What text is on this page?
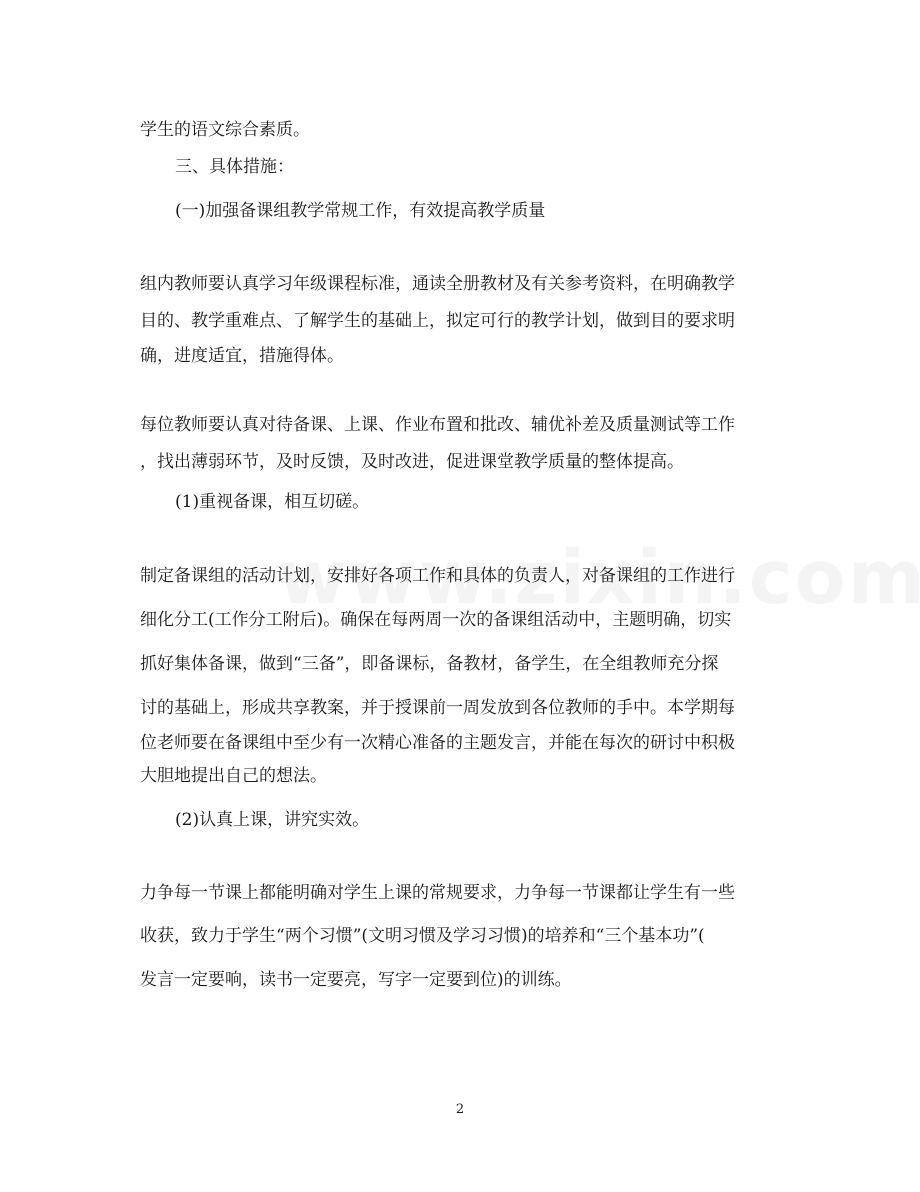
学生的语文综合素质。
三、具体措施：
(一)加强备课组教学常规工作，有效提高教学质量
组内教师要认真学习年级课程标准，通读全册教材及有关参考资料，在明确教学
目的、教学重难点、了解学生的基础上，拟定可行的教学计划，做到目的要求明
确，进度适宜，措施得体。
每位教师要认真对待备课、上课、作业布置和批改、辅优补差及质量测试等工作
，找出薄弱环节，及时反馈，及时改进，促进课堂教学质量的整体提高。
(1)重视备课，相互切磋。
制定备课组的活动计划，安排好各项工作和具体的负责人，对备课组的工作进行
细化分工(工作分工附后)。确保在每两周一次的备课组活动中，主题明确，切实
抓好集体备课，做到“三备”，即备课标，备教材，备学生，在全组教师充分探
讨的基础上，形成共享教案，并于授课前一周发放到各位教师的手中。本学期每
位老师要在备课组中至少有一次精心准备的主题发言，并能在每次的研讨中积极
大胆地提出自己的想法。
(2)认真上课，讲究实效。
力争每一节课上都能明确对学生上课的常规要求，力争每一节课都让学生有一些
收获，致力于学生“两个习惯”(文明习惯及学习习惯)的培养和“三个基本功”(
发言一定要响，读书一定要亮，写字一定要到位)的训练。
2
